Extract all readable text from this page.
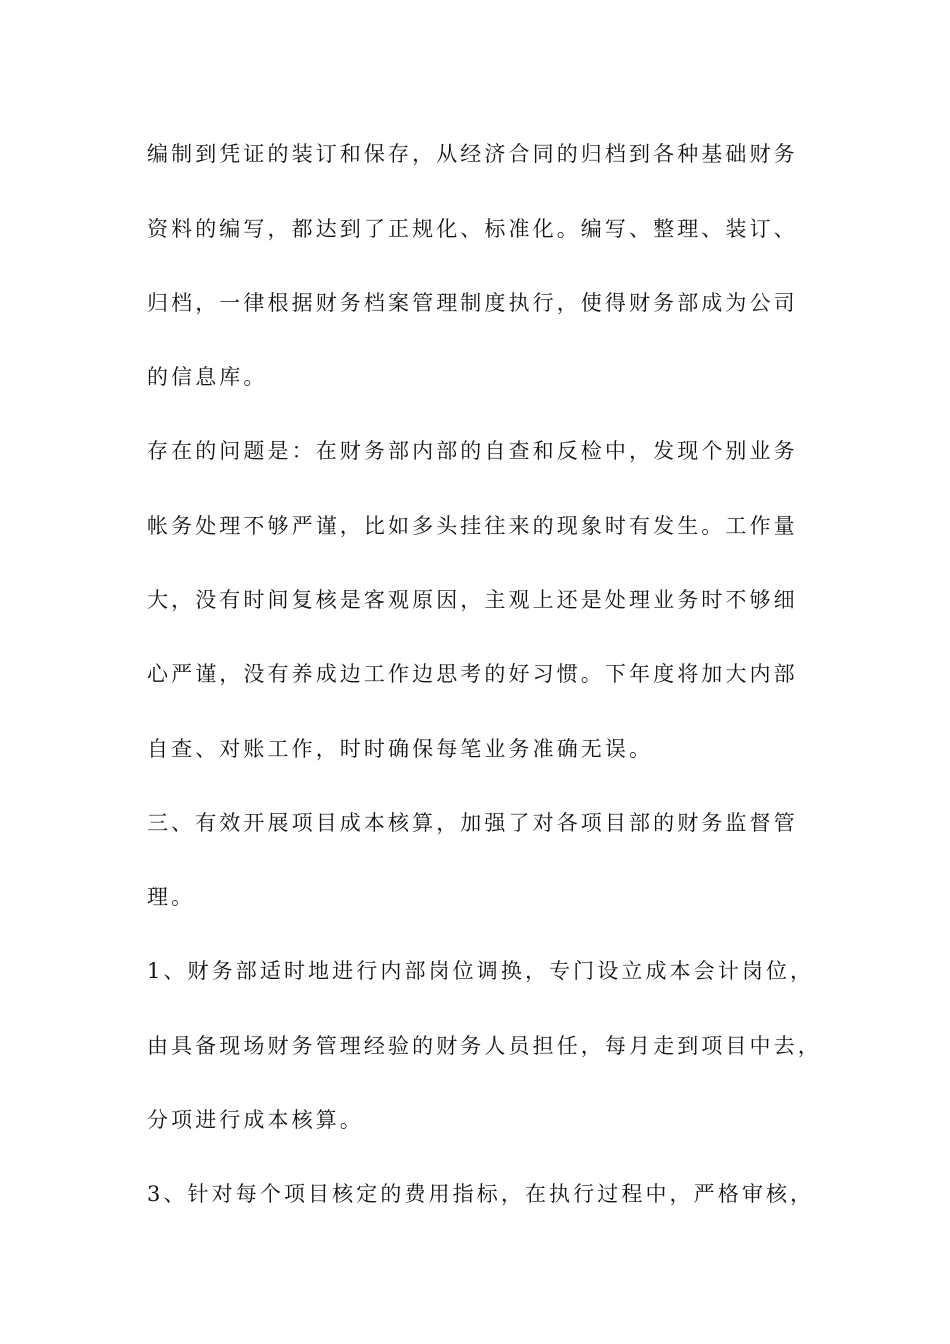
编制到凭证的装订和保存，从经济合同的归档到各种基础财务
资料的编写，都达到了正规化、标准化。编写、整理、装订、
归档，一律根据财务档案管理制度执行，使得财务部成为公司
的信息库。
存在的问题是：在财务部内部的自查和反检中，发现个别业务
帐务处理不够严谨，比如多头挂往来的现象时有发生。工作量
大，没有时间复核是客观原因，主观上还是处理业务时不够细
心严谨，没有养成边工作边思考的好习惯。下年度将加大内部
自查、对账工作，时时确保每笔业务准确无误。
三、有效开展项目成本核算，加强了对各项目部的财务监督管
理。
1、财务部适时地进行内部岗位调换，专门设立成本会计岗位，
由具备现场财务管理经验的财务人员担任，每月走到项目中去，
分项进行成本核算。
3、针对每个项目核定的费用指标，在执行过程中，严格审核，
